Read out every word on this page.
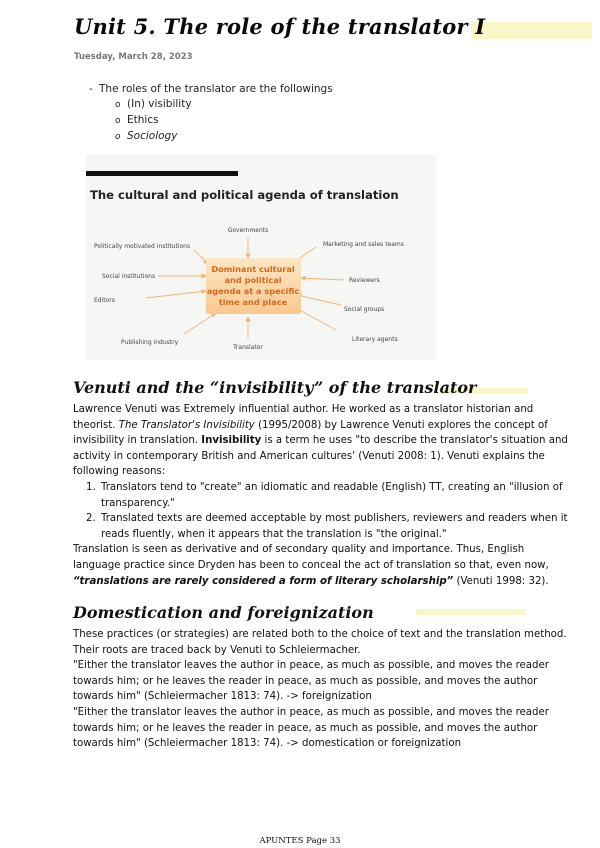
Unit 5. The role of the translator I
Tuesday, March 28, 2023
- The roles of the translator are the followings
o (In) visibility
o Ethics
o Sociology
The cultural and political agenda of translation
Dominant cultural
and political
agenda at a specific
time and place
Governments
Politically motivated institutions	Marketing and sales teams
Social institutions
Reviewers
Editors
Social groups
Literary agents
Publishing industry
Translator
Venuti and the “invisibility” of the translator

Lawrence Venuti was Extremely influential author. He worked as a translator historian and theorist. The Translator's Invisibility (1995/2008) by Lawrence Venuti explores the concept of invisibility in translation. Invisibility is a term he uses "to describe the translator's situation and activity in contemporary British and American cultures' (Venuti 2008: 1). Venuti explains the following reasons:

1. Translators tend to "create" an idiomatic and readable (English) TT, creating an "illusion of transparency."
2. Translated texts are deemed acceptable by most publishers, reviewers and readers when it reads fluently, when it appears that the translation is "the original."

Translation is seen as derivative and of secondary quality and importance. Thus, English language practice since Dryden has been to conceal the act of translation so that, even now, “translations are rarely considered a form of literary scholarship” (Venuti 1998: 32).

Domestication and foreignization

These practices (or strategies) are related both to the choice of text and the translation method. Their roots are traced back by Venuti to Schleiermacher.

"Either the translator leaves the author in peace, as much as possible, and moves the reader towards him; or he leaves the reader in peace, as much as possible, and moves the author towards him" (Schleiermacher 1813: 74). -> foreignization

"Either the translator leaves the author in peace, as much as possible, and moves the reader towards him; or he leaves the reader in peace, as much as possible, and moves the author towards him" (Schleiermacher 1813: 74). -> domestication or foreignization

APUNTES Page 33
